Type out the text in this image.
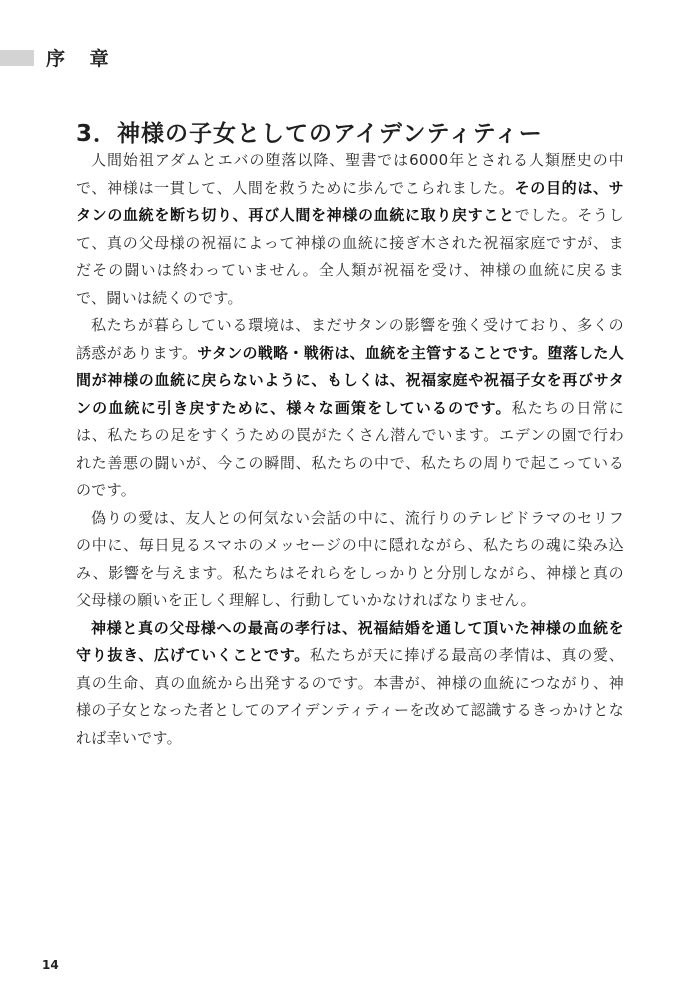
序 章
3．神様の子女としてのアイデンティティー

人間始祖アダムとエバの堕落以降、聖書では6000年とされる人類歴史の中で、神様は一貫して、人間を救うために歩んでこられました。その目的は、サタンの血統を断ち切り、再び人間を神様の血統に取り戻すことでした。そうして、真の父母様の祝福によって神様の血統に接ぎ木された祝福家庭ですが、まだその闘いは終わっていません。全人類が祝福を受け、神様の血統に戻るまで、闘いは続くのです。

私たちが暮らしている環境は、まだサタンの影響を強く受けており、多くの誘惑があります。サタンの戦略・戦術は、血統を主管することです。堕落した人間が神様の血統に戻らないように、もしくは、祝福家庭や祝福子女を再びサタンの血統に引き戻すために、様々な画策をしているのです。私たちの日常には、私たちの足をすくうための罠がたくさん潜んでいます。エデンの園で行われた善悪の闘いが、今この瞬間、私たちの中で、私たちの周りで起こっているのです。

偽りの愛は、友人との何気ない会話の中に、流行りのテレビドラマのセリフの中に、毎日見るスマホのメッセージの中に隠れながら、私たちの魂に染み込み、影響を与えます。私たちはそれらをしっかりと分別しながら、神様と真の父母様の願いを正しく理解し、行動していかなければなりません。

神様と真の父母様への最高の孝行は、祝福結婚を通して頂いた神様の血統を守り抜き、広げていくことです。私たちが天に捧げる最高の孝情は、真の愛、真の生命、真の血統から出発するのです。本書が、神様の血統につながり、神様の子女となった者としてのアイデンティティーを改めて認識するきっかけとなれば幸いです。

14
